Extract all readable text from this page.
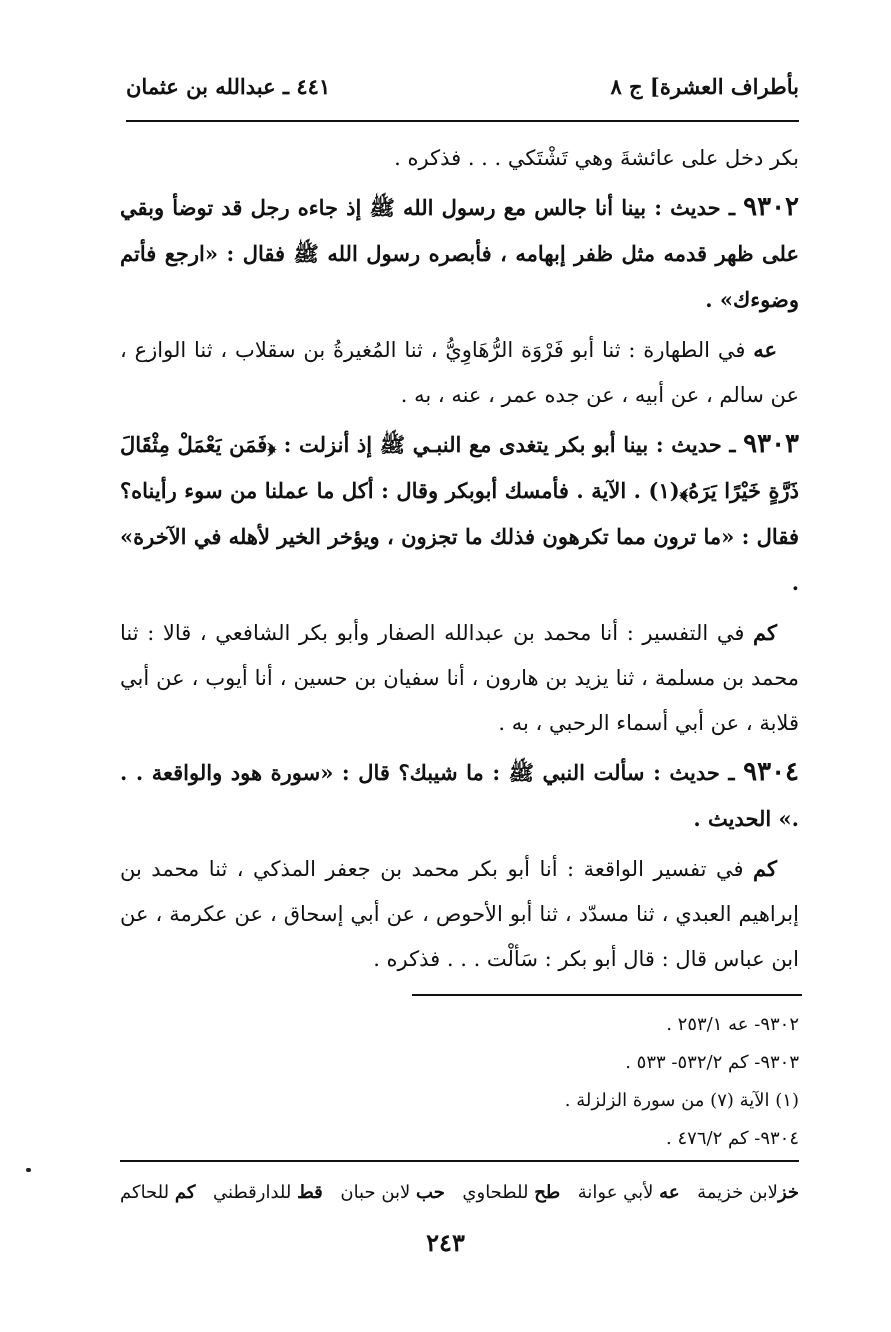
بأطراف العشرة] ج ٨
٤٤١ ـ عبدالله بن عثمان

بكر دخل على عائشةَ وهي تَشْتَكي . . . فذكره .

٩٣٠٢ ـ حديث : بينا أنا جالس مع رسول الله ﷺ إذ جاءه رجل قد توضأ وبقي على ظهر قدمه مثل ظفر إبهامه ، فأبصره رسول الله ﷺ فقال : «ارجع فأتم وضوءك» .

عه في الطهارة : ثنا أبو فَرْوَة الرُّهَاوِيُّ ، ثنا المُغيرةُ بن سقلاب ، ثنا الوازع ، عن سالم ، عن أبيه ، عن جده عمر ، عنه ، به .

٩٣٠٣ ـ حديث : بينا أبو بكر يتغدى مع النبـي ﷺ إذ أنزلت : ﴿فَمَن يَعْمَلْ مِثْقَالَ ذَرَّةٍ خَيْرًا يَرَهُ﴾(١) . الآية . فأمسك أبوبكر وقال : أكل ما عملنا من سوء رأيناه؟ فقال : «ما ترون مما تكرهون فذلك ما تجزون ، ويؤخر الخير لأهله في الآخرة» .

كم في التفسير : أنا محمد بن عبدالله الصفار وأبو بكر الشافعي ، قالا : ثنا محمد بن مسلمة ، ثنا يزيد بن هارون ، أنا سفيان بن حسين ، أنا أيوب ، عن أبي قلابة ، عن أبي أسماء الرحبي ، به .

٩٣٠٤ ـ حديث : سألت النبي ﷺ : ما شيبك؟ قال : «سورة هود والواقعة . . .» الحديث .

كم في تفسير الواقعة : أنا أبو بكر محمد بن جعفر المذكي ، ثنا محمد بن إبراهيم العبدي ، ثنا مسدّد ، ثنا أبو الأحوص ، عن أبي إسحاق ، عن عكرمة ، عن ابن عباس قال : قال أبو بكر : سَألْت . . . فذكره .

٩٣٠٢- عه ٢٥٣/١ .
٩٣٠٣- كم ٥٣٢/٢- ٥٣٣ .
(١) الآية (٧) من سورة الزلزلة .
٩٣٠٤- كم ٤٧٦/٢ .
خزلابن خزيمة
عه لأبي عوانة
طح للطحاوي
حب لابن حبان
قط للدارقطني
كم للحاكم
٢٤٣
